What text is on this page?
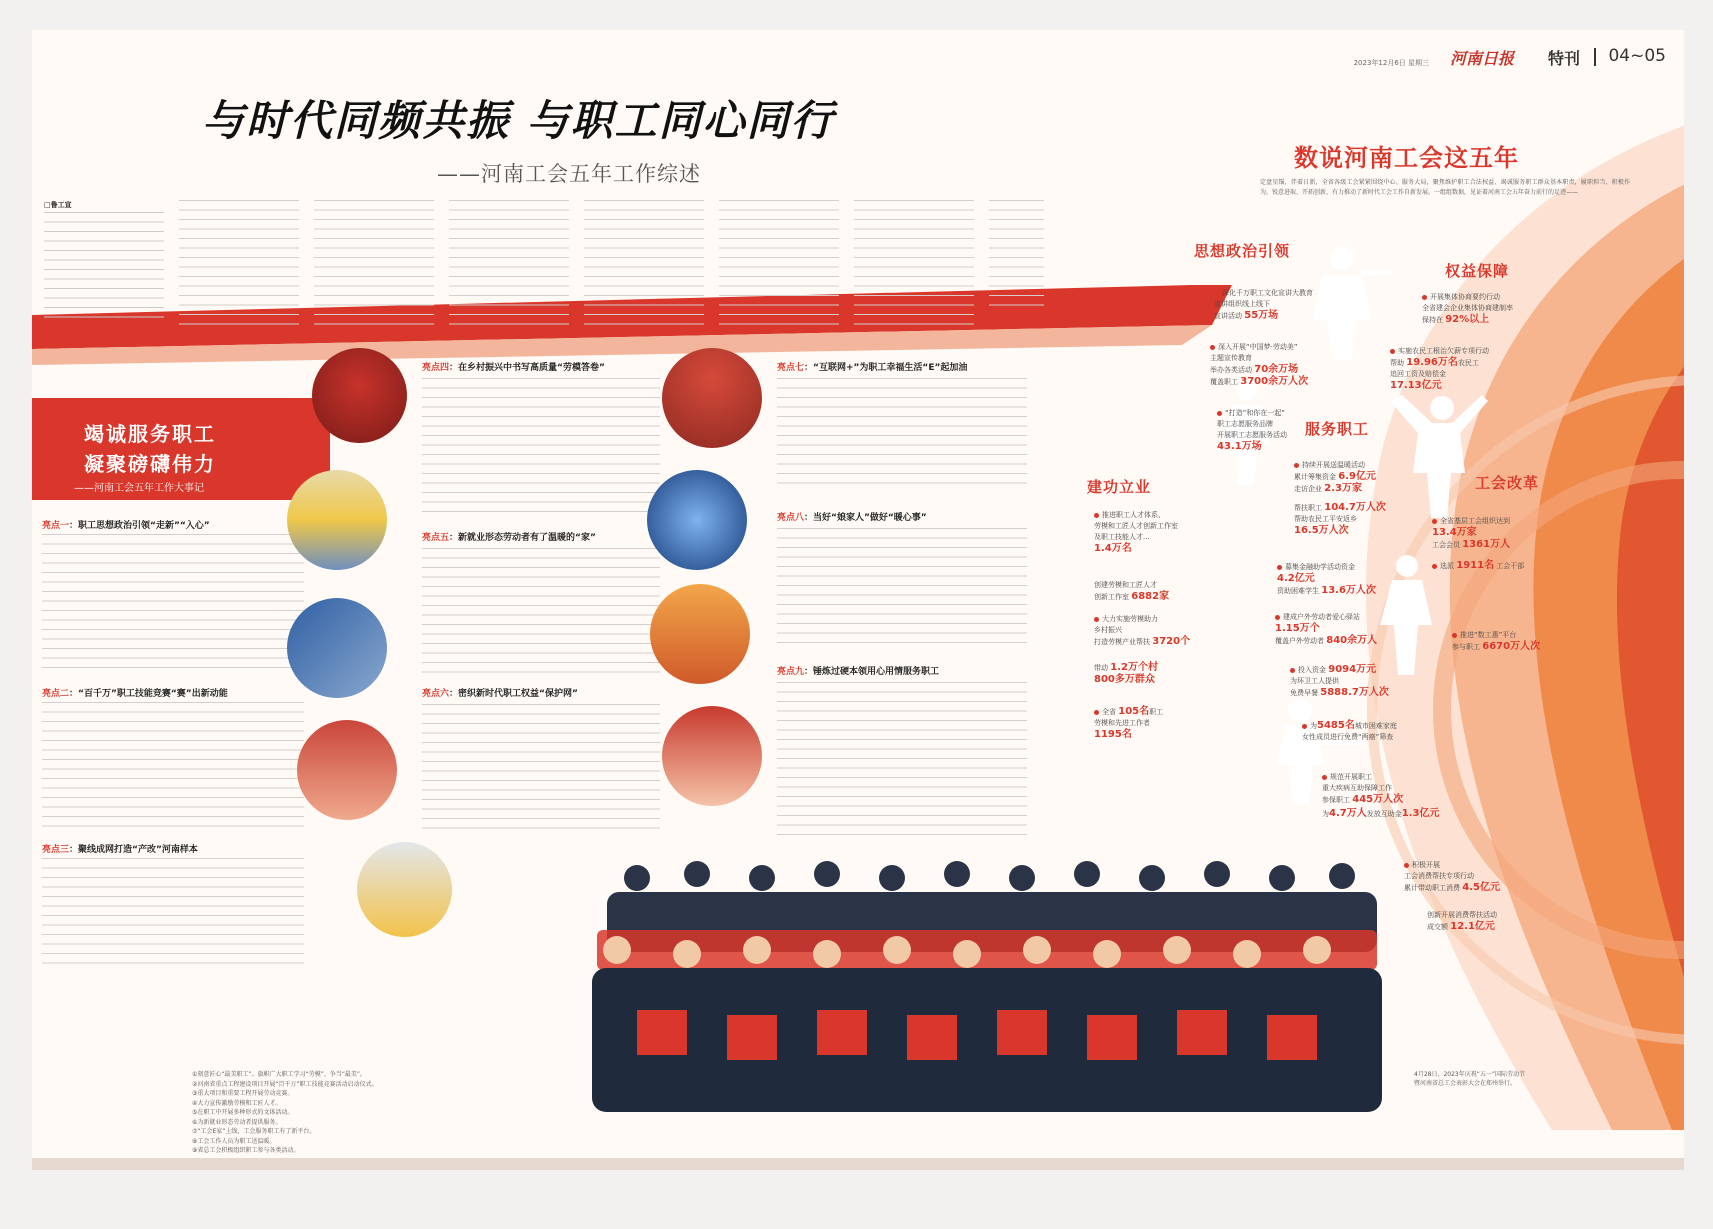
2023年12月6日 星期三 河南日报 特刊 04~05
与时代同频共振 与职工同心同行
——河南工会五年工作综述
□鲁工宣
竭诚服务职工
凝聚磅礴伟力
——河南工会五年工作大事记
亮点一：职工思想政治引领“走新”“入心”
亮点二：“百千万”职工技能竞赛“赛”出新动能
亮点三：聚线成网打造“产改”河南样本
亮点四：在乡村振兴中书写高质量“劳模答卷”
亮点五：新就业形态劳动者有了温暖的“家”
亮点六：密织新时代职工权益“保护网”
亮点七：“互联网+”为职工幸福生活“E”起加油
亮点八：当好“娘家人”做好“暖心事”
亮点九：锤炼过硬本领用心用情服务职工
数说河南工会这五年
定盘星锚，伴着日新，全省各级工会紧紧围绕中心、服务大局，聚焦维护职工合法权益、竭诚服务职工群众基本职责，履职担当、积极作为，锐意进取、开拓创新，有力推动了新时代工会工作自新发展。一组组数据，见证着河南工会五年奋力前行的足迹——
思想政治引领
权益保障
服务职工
建功立业	工会改革
深化千万职工文化宣讲大教育
宣讲组织线上线下
宣讲活动 55万场
深入开展“中国梦·劳动美”
主题宣传教育
举办各类活动 70余万场
覆盖职工 3700余万人次
“打造”和你在一起”
职工志愿服务品牌
开展职工志愿服务活动
43.1万场
开展集体协商要约行动
全省建会企业集体协商建制率
保持在 92%以上
实施农民工根治欠薪专项行动
帮助 19.96万名农民工
追回工资及赔偿金
17.13亿元
持续开展送温暖活动
累计筹集资金 6.9亿元
走访企业 2.3万家
帮扶职工 104.7万人次
帮助农民工平安返乡
16.5万人次
推进职工人才体系、
劳模和工匠人才创新工作室
及职工技能人才...
1.4万名
创建劳模和工匠人才
创新工作室 6882家
大力实施劳模助力
乡村振兴
打造劳模产业帮扶 3720个
带动 1.2万个村
800多万群众
全省 105名职工
劳模和先进工作者
1195名
全省基层工会组织达到
13.4万家
工会会员 1361万人
选派 1911名 工会干部
募集金融助学活动资金
4.2亿元
资助困难学生 13.6万人次
建成户外劳动者爱心驿站
1.15万个
覆盖户外劳动者 840余万人
投入资金 9094万元
为环卫工人提供
免费早餐 5888.7万人次
为5485名城市困难家庭
女性成员进行免费“两癌”筛查
推进“数工惠”平台
参与职工 6670万人次
规范开展职工
重大疾病互助保障工作
参保职工 445万人次
为4.7万人发放互助金1.3亿元
积极开展
工会消费帮扶专项行动
累计带动职工消费 4.5亿元
创新开展消费帮扶活动
成交额 12.1亿元
①刻意匠心“最美职工”。旗帜广大职工学习“劳模”、争当“最美”。
②河南省重点工程建设项目开展“百千万”职工技能竞赛活动启动仪式。
③重大项目和重要工程开展劳动竞赛。
④大力宣传激励劳模和工匠人才。
⑤在职工中开展多种形式的文体活动。
⑥为新就业形态劳动者提供服务。
⑦“工会E家”上线，工会服务职工有了新平台。
⑧工会工作人员为职工送温暖。
⑨省总工会积极组织职工参与各类活动。
4月28日，2023年庆祝“五一”国际劳动节暨河南省总工会表彰大会在郑州举行。
